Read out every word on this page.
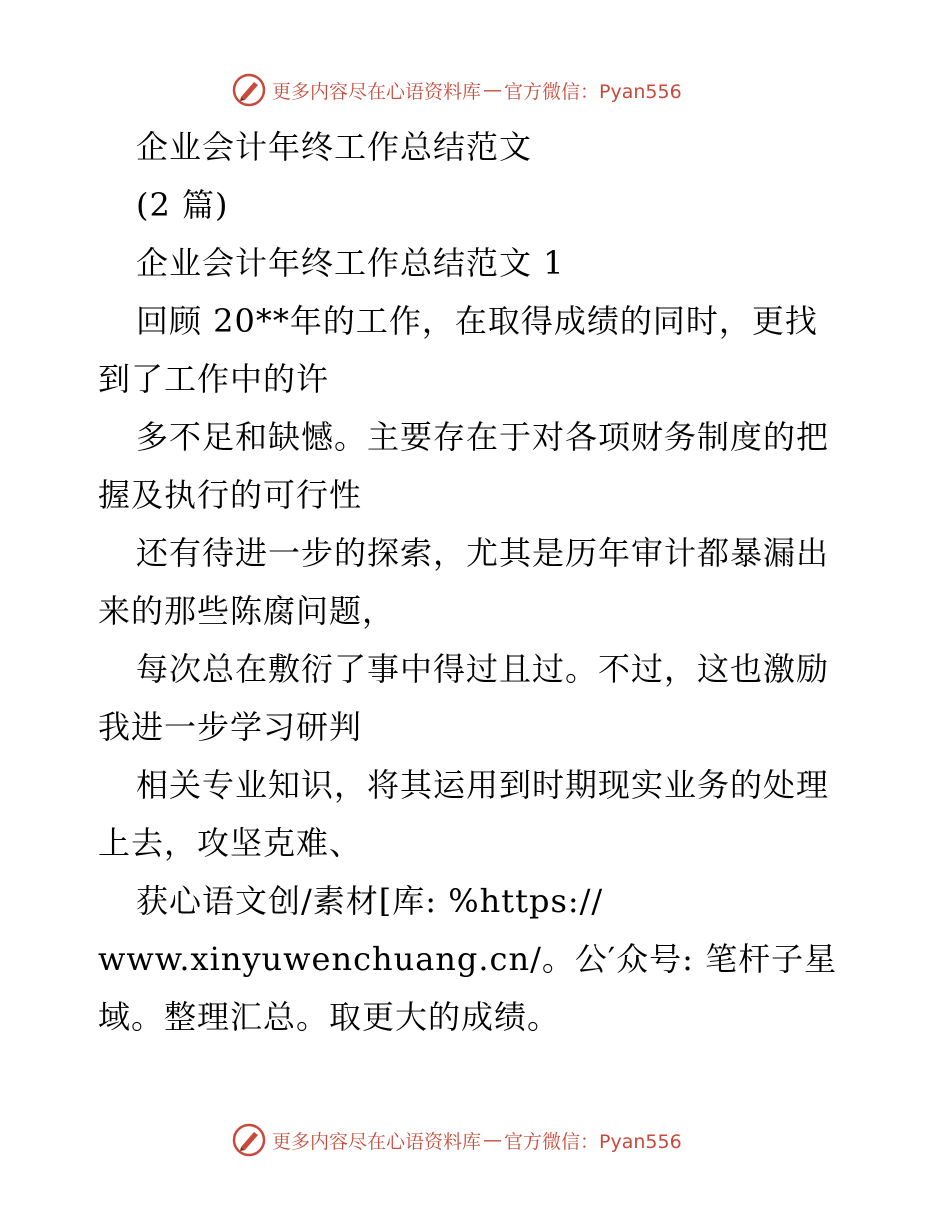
更多内容尽在心语资料库 — 官方微信：Pyan556
企业会计年终工作总结范文
(2 篇)
企业会计年终工作总结范文 1
回顾 20**年的工作，在取得成绩的同时，更找
到了工作中的许
多不足和缺憾。主要存在于对各项财务制度的把
握及执行的可行性
还有待进一步的探索，尤其是历年审计都暴漏出
来的那些陈腐问题，
每次总在敷衍了事中得过且过。不过，这也激励
我进一步学习研判
相关专业知识，将其运用到时期现实业务的处理
上去，攻坚克难、
获心语文创/素材[库: %https://
www.xinyuwenchuang.cn/。公′众号: 笔杆子星
域。整理汇总。取更大的成绩。
更多内容尽在心语资料库 — 官方微信：Pyan556
